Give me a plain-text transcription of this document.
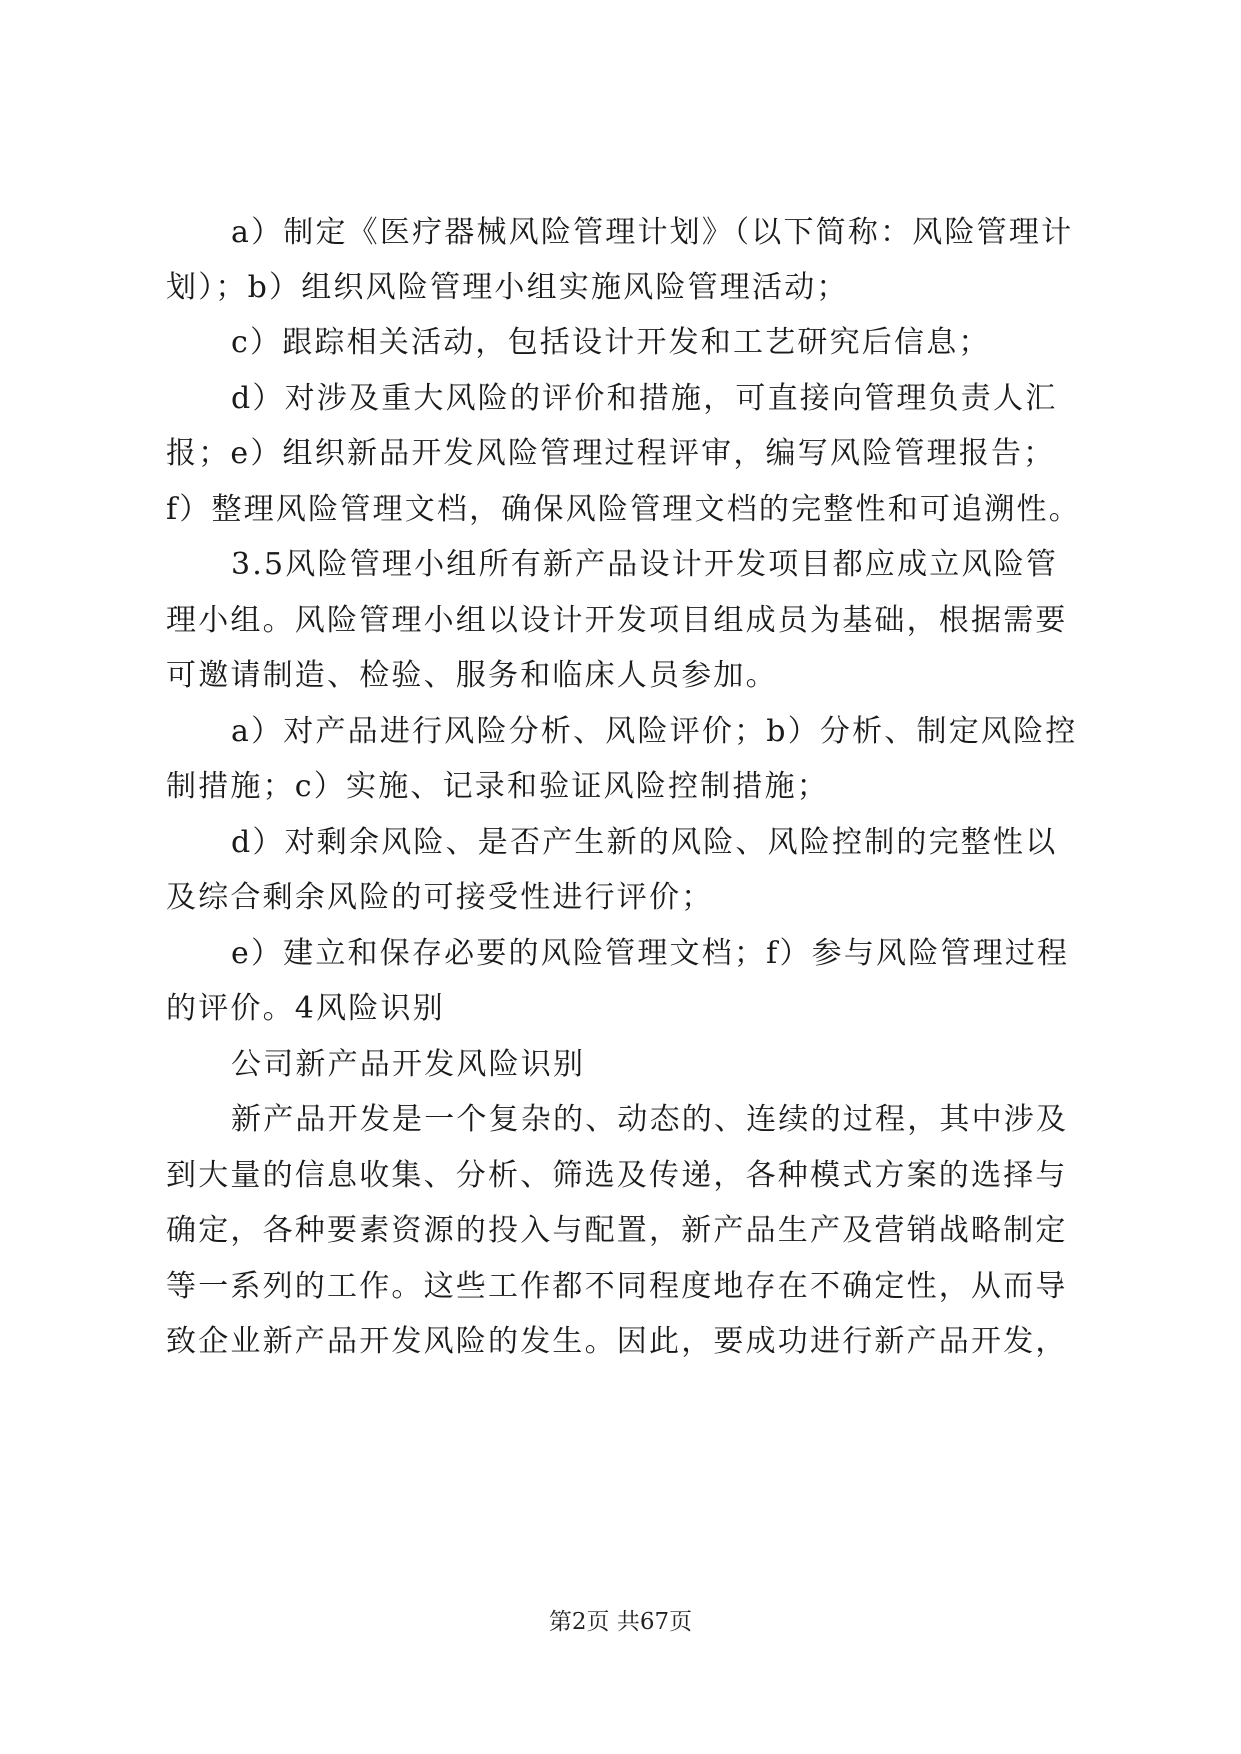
a）制定《医疗器械风险管理计划》（以下简称：风险管理计
划）；b）组织风险管理小组实施风险管理活动；
c）跟踪相关活动，包括设计开发和工艺研究后信息；
d）对涉及重大风险的评价和措施，可直接向管理负责人汇
报；e）组织新品开发风险管理过程评审，编写风险管理报告；
f）整理风险管理文档，确保风险管理文档的完整性和可追溯性。
3.5风险管理小组所有新产品设计开发项目都应成立风险管
理小组。风险管理小组以设计开发项目组成员为基础，根据需要
可邀请制造、检验、服务和临床人员参加。
a）对产品进行风险分析、风险评价；b）分析、制定风险控
制措施；c）实施、记录和验证风险控制措施；
d）对剩余风险、是否产生新的风险、风险控制的完整性以
及综合剩余风险的可接受性进行评价；
e）建立和保存必要的风险管理文档；f）参与风险管理过程
的评价。4风险识别
公司新产品开发风险识别
新产品开发是一个复杂的、动态的、连续的过程，其中涉及
到大量的信息收集、分析、筛选及传递，各种模式方案的选择与
确定，各种要素资源的投入与配置，新产品生产及营销战略制定
等一系列的工作。这些工作都不同程度地存在不确定性，从而导
致企业新产品开发风险的发生。因此，要成功进行新产品开发，
第2页 共67页
